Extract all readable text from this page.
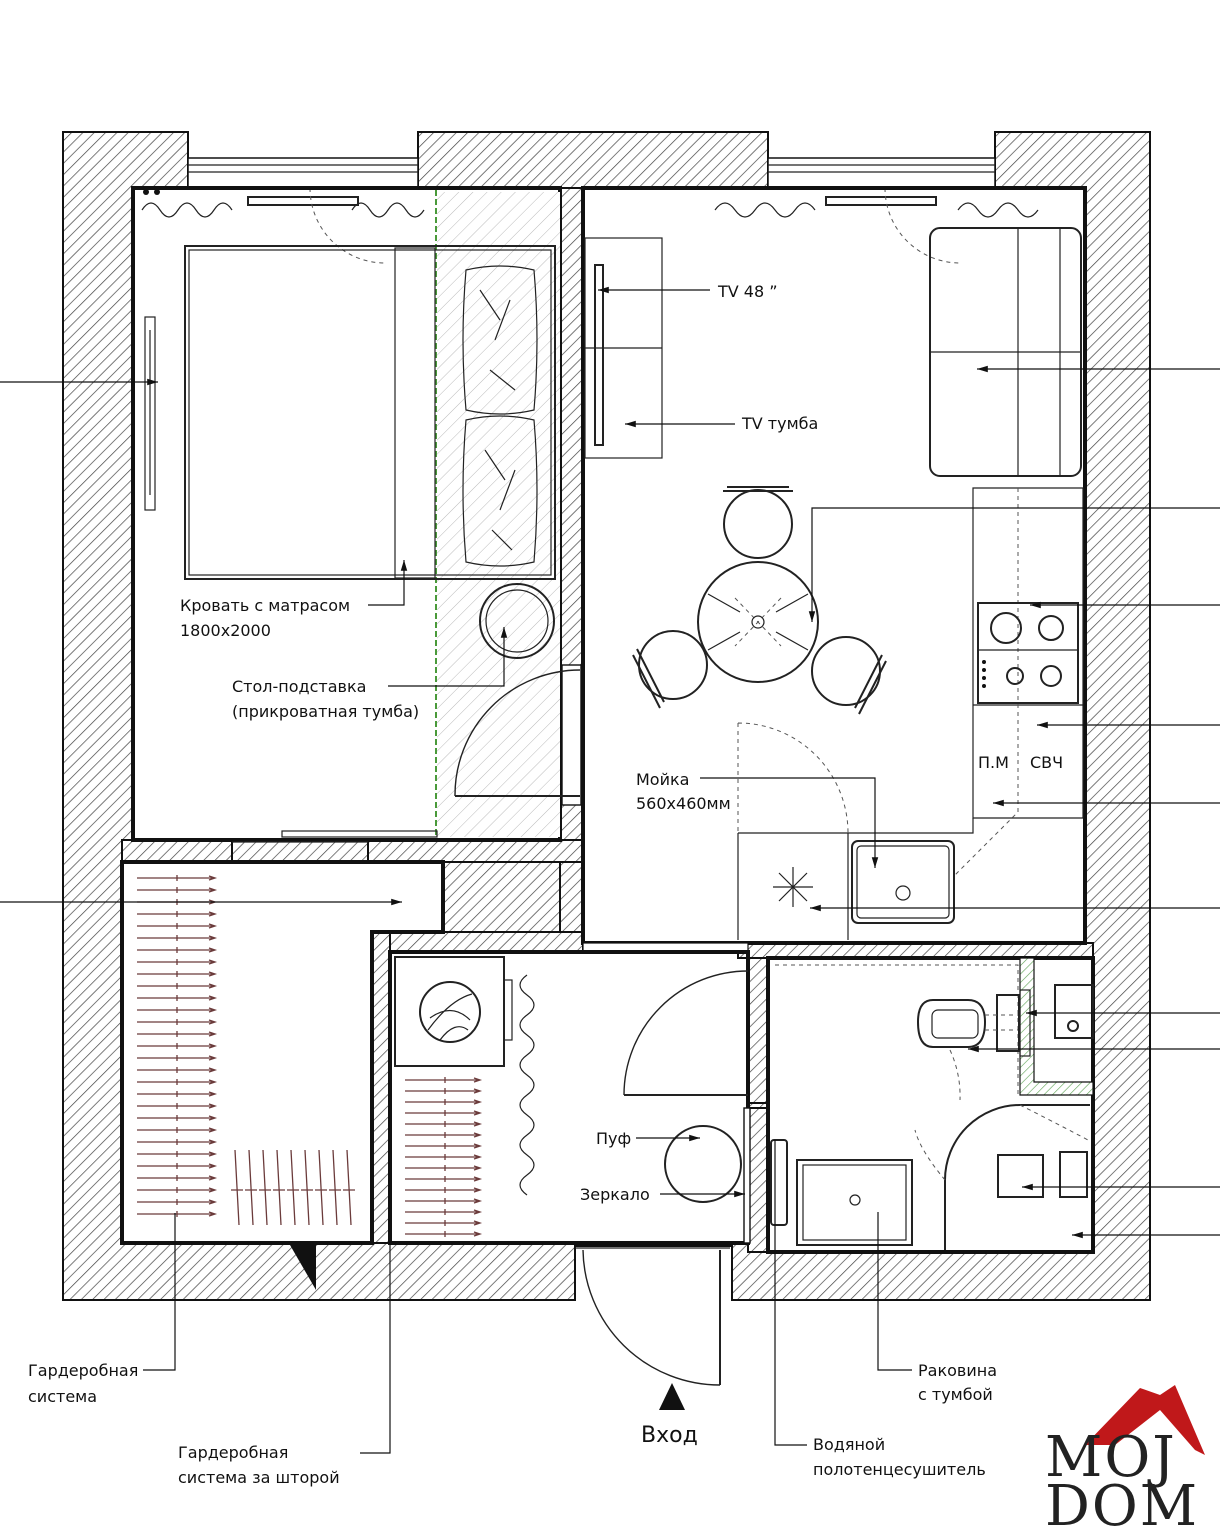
TV 48 ”
TV тумба
Кровать с матрасом
1800x2000
Стол-подставка
(прикроватная тумба)
Мойка
560x460мм
П.М СВЧ
Пуф
Зеркало
Гардеробная
система
Гардеробная
система за шторой
Вход
Раковина
с тумбой
Водяной
полотенцесушитель MOJ
DOM
